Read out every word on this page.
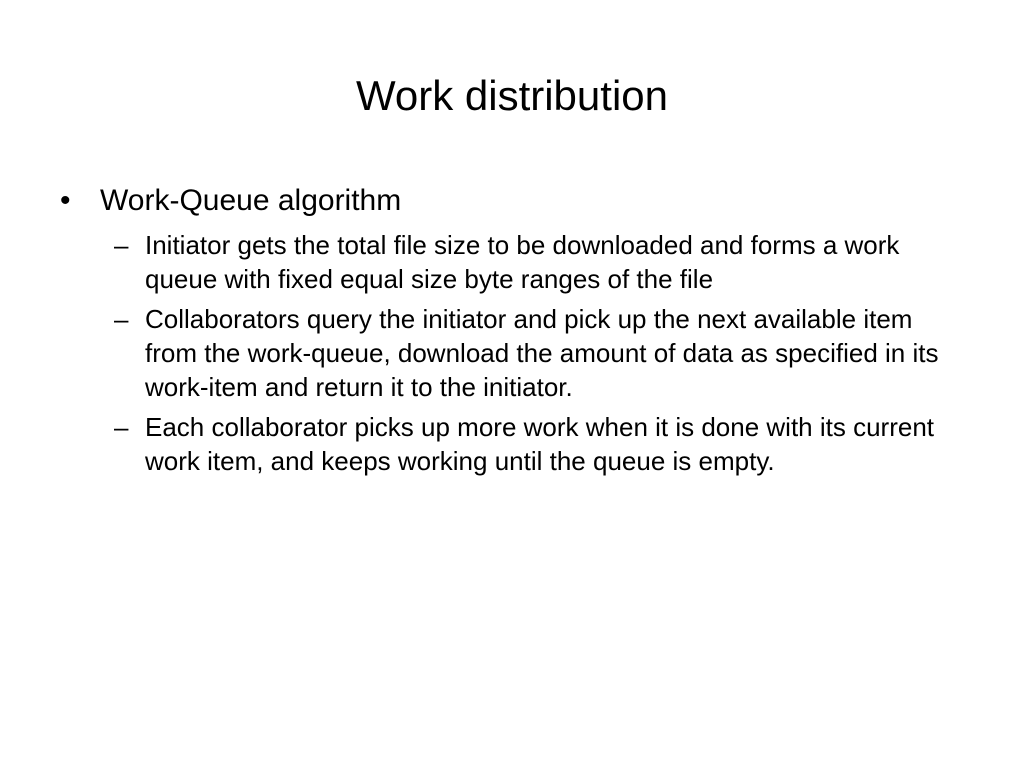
Work distribution
• Work-Queue algorithm
– Initiator gets the total file size to be downloaded and forms a work queue with fixed equal size byte ranges of the file
– Collaborators query the initiator and pick up the next available item from the work-queue, download the amount of data as specified in its work-item and return it to the initiator.
– Each collaborator picks up more work when it is done with its current work item, and keeps working until the queue is empty.
